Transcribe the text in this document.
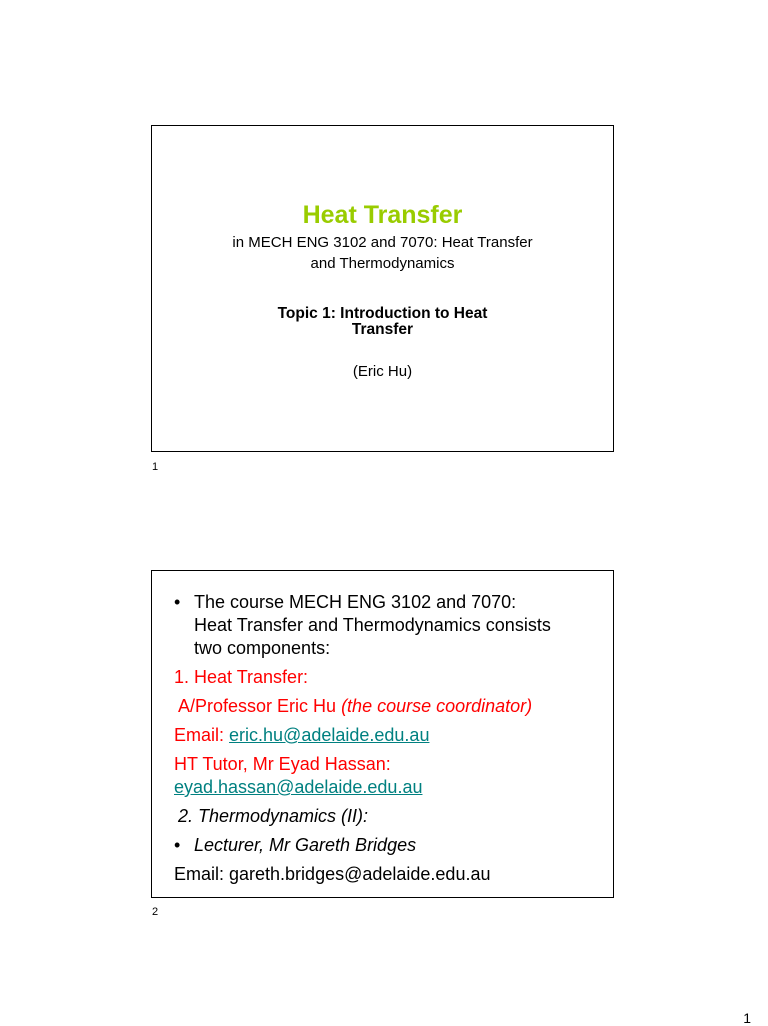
Heat Transfer
in MECH ENG 3102 and 7070: Heat Transfer
and Thermodynamics
Topic 1: Introduction to Heat
Transfer
(Eric Hu)
1
• The course MECH ENG 3102 and 7070:
Heat Transfer and Thermodynamics consists
two components:
1. Heat Transfer:
A/Professor Eric Hu (the course coordinator)
Email: eric.hu@adelaide.edu.au
HT Tutor, Mr Eyad Hassan:
eyad.hassan@adelaide.edu.au
2. Thermodynamics (II):
• Lecturer, Mr Gareth Bridges
Email: gareth.bridges@adelaide.edu.au
2
1
